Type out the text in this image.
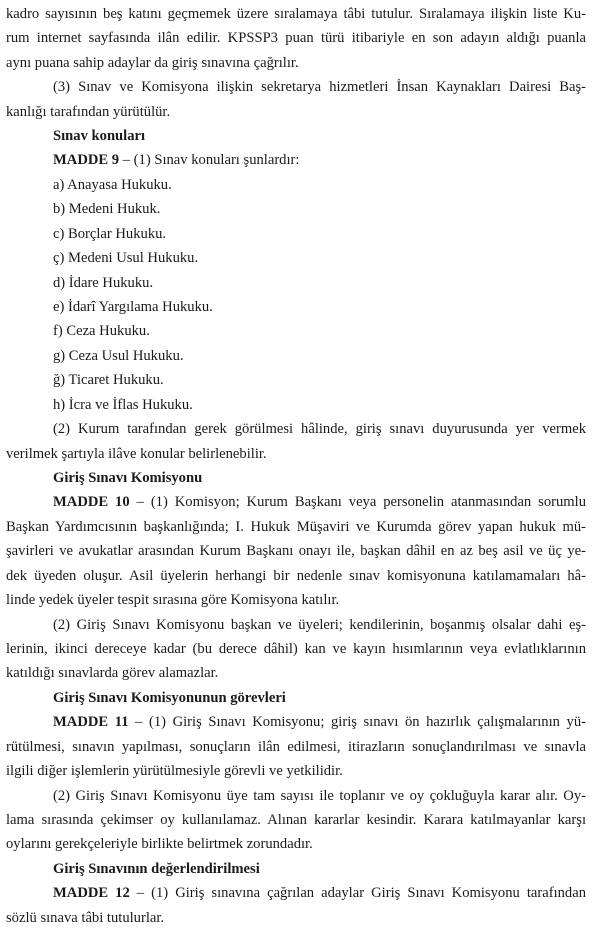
kadro sayısının beş katını geçmemek üzere sıralamaya tâbi tutulur. Sıralamaya ilişkin liste Ku-
rum internet sayfasında ilân edilir. KPSSP3 puan türü itibariyle en son adayın aldığı puanla
aynı puana sahip adaylar da giriş sınavına çağrılır.
(3) Sınav ve Komisyona ilişkin sekretarya hizmetleri İnsan Kaynakları Dairesi Baş-
kanlığı tarafından yürütülür.
Sınav konuları
MADDE 9 – (1) Sınav konuları şunlardır:
a) Anayasa Hukuku.
b) Medeni Hukuk.
c) Borçlar Hukuku.
ç) Medeni Usul Hukuku.
d) İdare Hukuku.
e) İdarî Yargılama Hukuku.
f) Ceza Hukuku.
g) Ceza Usul Hukuku.
ğ) Ticaret Hukuku.
h) İcra ve İflas Hukuku.
(2) Kurum tarafından gerek görülmesi hâlinde, giriş sınavı duyurusunda yer vermek
verilmek şartıyla ilâve konular belirlenebilir.
Giriş Sınavı Komisyonu
MADDE 10 – (1) Komisyon; Kurum Başkanı veya personelin atanmasından sorumlu
Başkan Yardımcısının başkanlığında; I. Hukuk Müşaviri ve Kurumda görev yapan hukuk mü-
şavirleri ve avukatlar arasından Kurum Başkanı onayı ile, başkan dâhil en az beş asil ve üç ye-
dek üyeden oluşur. Asil üyelerin herhangi bir nedenle sınav komisyonuna katılamamaları hâ-
linde yedek üyeler tespit sırasına göre Komisyona katılır.
(2) Giriş Sınavı Komisyonu başkan ve üyeleri; kendilerinin, boşanmış olsalar dahi eş-
lerinin, ikinci dereceye kadar (bu derece dâhil) kan ve kayın hısımlarının veya evlatlıklarının
katıldığı sınavlarda görev alamazlar.
Giriş Sınavı Komisyonunun görevleri
MADDE 11 – (1) Giriş Sınavı Komisyonu; giriş sınavı ön hazırlık çalışmalarının yü-
rütülmesi, sınavın yapılması, sonuçların ilân edilmesi, itirazların sonuçlandırılması ve sınavla
ilgili diğer işlemlerin yürütülmesiyle görevli ve yetkilidir.
(2) Giriş Sınavı Komisyonu üye tam sayısı ile toplanır ve oy çokluğuyla karar alır. Oy-
lama sırasında çekimser oy kullanılamaz. Alınan kararlar kesindir. Karara katılmayanlar karşı
oylarını gerekçeleriyle birlikte belirtmek zorundadır.
Giriş Sınavının değerlendirilmesi
MADDE 12 – (1) Giriş sınavına çağrılan adaylar Giriş Sınavı Komisyonu tarafından
sözlü sınava tâbi tutulurlar.
